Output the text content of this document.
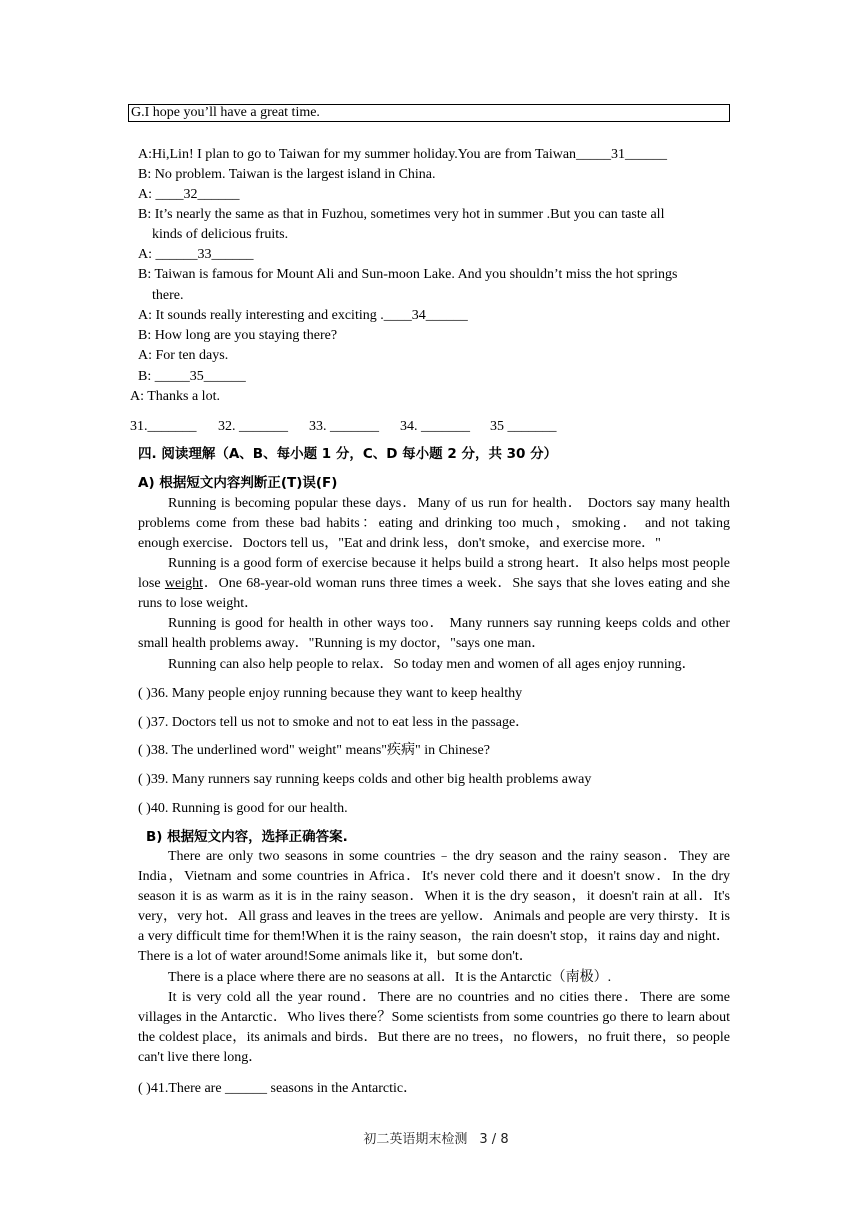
G.I hope you’ll have a great time.
A:Hi,Lin! I plan to go to Taiwan for my summer holiday.You are from Taiwan_____31______
B: No problem. Taiwan is the largest island in China.
A: ____32______
B: It’s nearly the same as that in Fuzhou, sometimes very hot in summer .But you can taste all
kinds of delicious fruits.
A: ______33______
B: Taiwan is famous for Mount Ali and Sun-moon Lake. And you shouldn’t miss the hot springs
there.
A: It sounds really interesting and exciting .____34______
B: How long are you staying there?
A: For ten days.
B: _____35______
A: Thanks a lot.
31._______ 32. _______ 33. _______ 34. _______ 35 _______
四. 阅读理解（A、B、每小题 1 分，C、D 每小题 2 分，共 30 分）
A) 根据短文内容判断正(T)误(F)
Running is becoming popular these days．Many of us run for health． Doctors say many health problems come from these bad habits：eating and drinking too much，smoking． and not taking enough exercise．Doctors tell us，"Eat and drink less，don't smoke，and exercise more．"
Running is a good form of exercise because it helps build a strong heart．It also helps most people lose weight．One 68-year-old woman runs three times a week．She says that she loves eating and she runs to lose weight．
Running is good for health in other ways too． Many runners say running keeps colds and other small health problems away．"Running is my doctor，"says one man．
Running can also help people to relax．So today men and women of all ages enjoy running．
( )36. Many people enjoy running because they want to keep healthy
( )37. Doctors tell us not to smoke and not to eat less in the passage．
( )38. The underlined word" weight" means"疾病" in Chinese?
( )39. Many runners say running keeps colds and other big health problems away
( )40. Running is good for our health.
B) 根据短文内容，选择正确答案.
There are only two seasons in some countries﹣the dry season and the rainy season．They are India，Vietnam and some countries in Africa．It's never cold there and it doesn't snow．In the dry season it is as warm as it is in the rainy season．When it is the dry season，it doesn't rain at all．It's very，very hot．All grass and leaves in the trees are yellow．Animals and people are very thirsty．It is a very difficult time for them!When it is the rainy season，the rain doesn't stop，it rains day and night．There is a lot of water around!Some animals like it，but some don't．
There is a place where there are no seasons at all．It is the Antarctic（南极）.
It is very cold all the year round．There are no countries and no cities there．There are some villages in the Antarctic．Who lives there？Some scientists from some countries go there to learn about the coldest place，its animals and birds．But there are no trees，no flowers，no fruit there，so people can't live there long．
( )41.There are ______ seasons in the Antarctic．
初二英语期末检测 3 / 8
